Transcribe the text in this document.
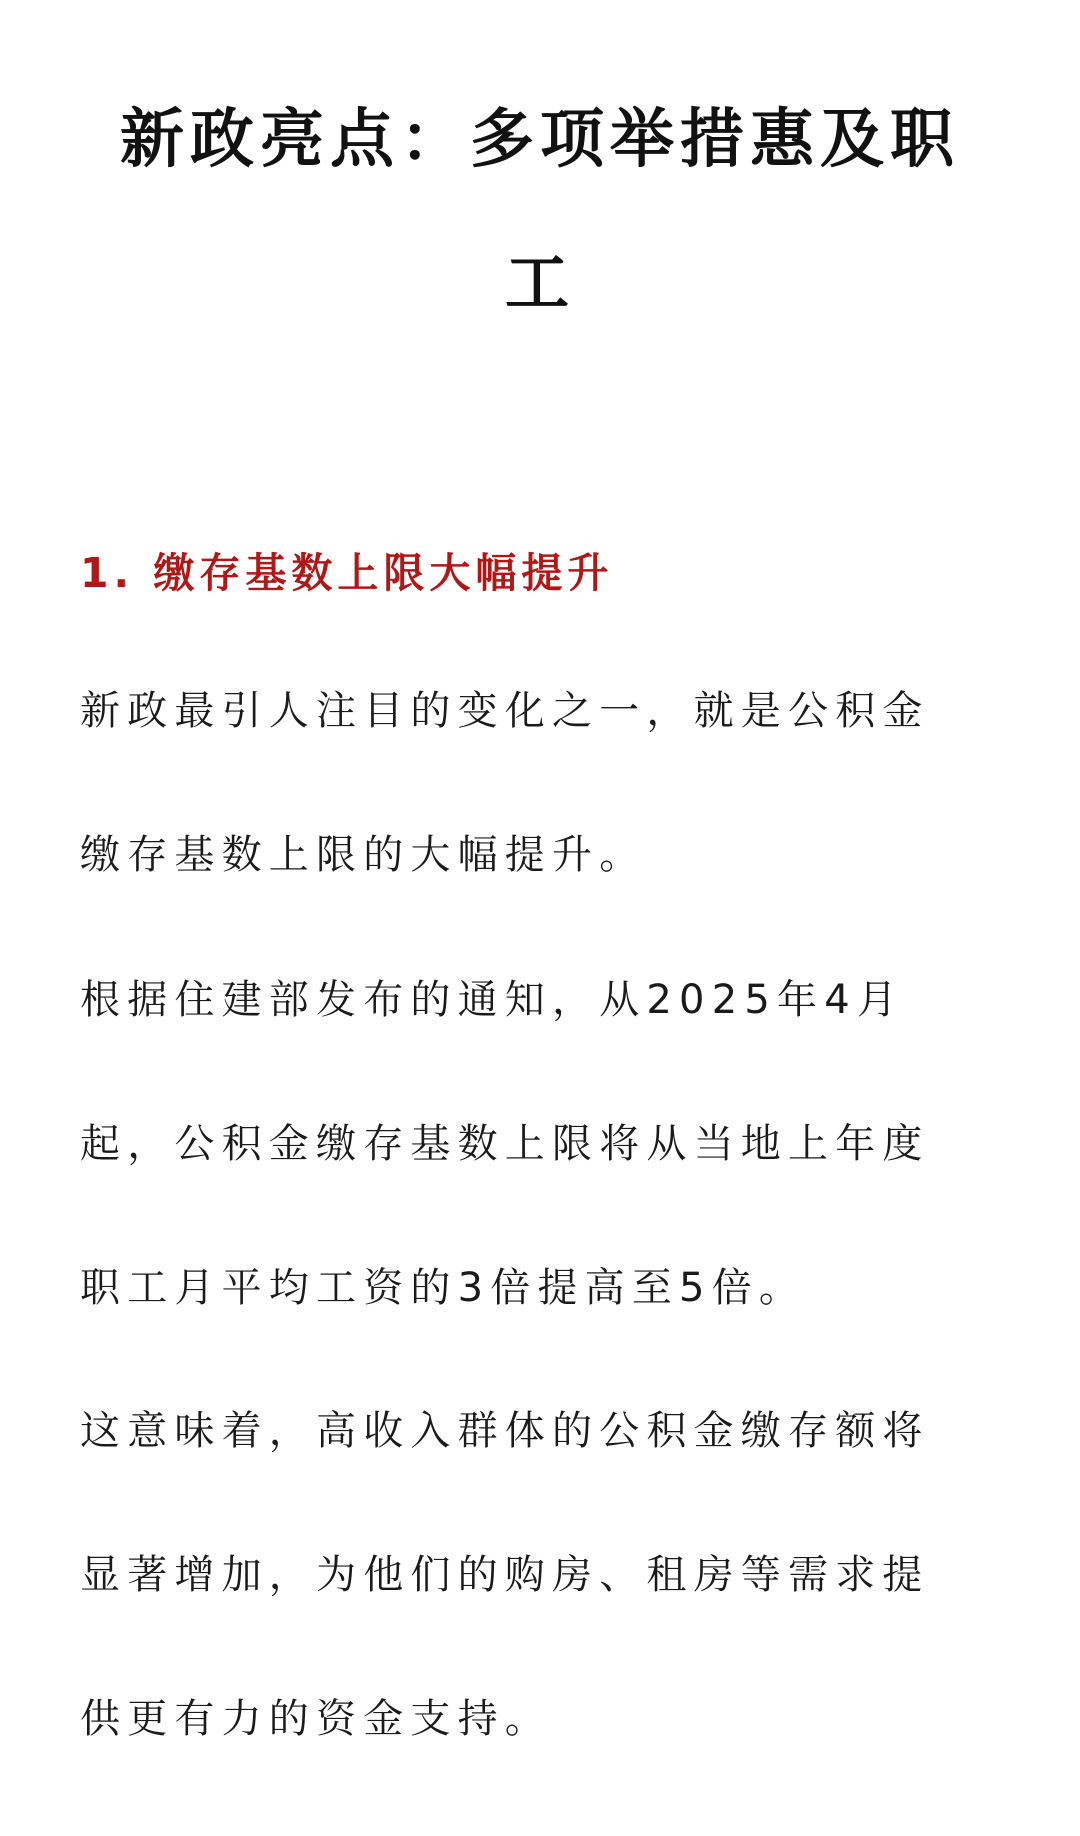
新政亮点：多项举措惠及职
工
1. 缴存基数上限大幅提升

新政最引人注目的变化之一，就是公积金
缴存基数上限的大幅提升。

根据住建部发布的通知，从2025年4月
起，公积金缴存基数上限将从当地上年度
职工月平均工资的3倍提高至5倍。

这意味着，高收入群体的公积金缴存额将
显著增加，为他们的购房、租房等需求提
供更有力的资金支持。
